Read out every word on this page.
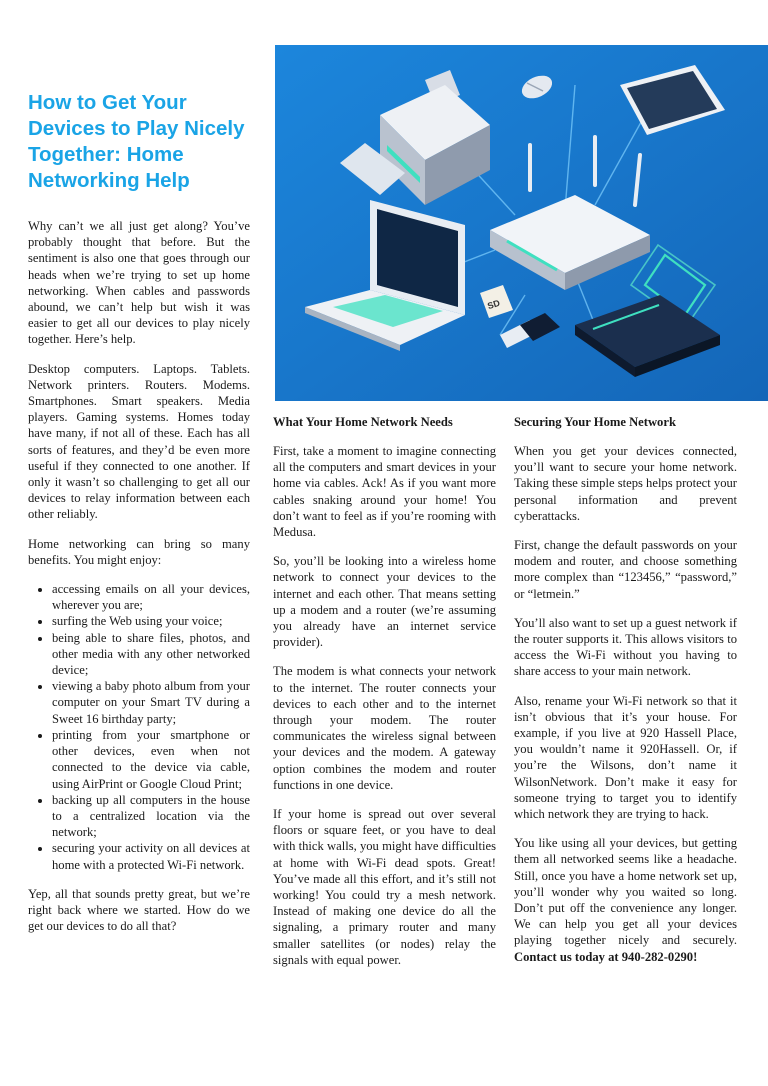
How to Get Your Devices to Play Nicely Together: Home Networking Help

Why can’t we all just get along? You’ve probably thought that before. But the sentiment is also one that goes through our heads when we’re trying to set up home networking. When cables and passwords abound, we can’t help but wish it was easier to get all our devices to play nicely together. Here’s help.

Desktop computers. Laptops. Tablets. Network printers. Routers. Modems. Smartphones. Smart speakers. Media players. Gaming systems. Homes today have many, if not all of these. Each has all sorts of features, and they’d be even more useful if they connected to one another. If only it wasn’t so challenging to get all our devices to relay information between each other reliably.

Home networking can bring so many benefits. You might enjoy:

• accessing emails on all your devices, wherever you are;
• surfing the Web using your voice;
• being able to share files, photos, and other media with any other networked device;
• viewing a baby photo album from your computer on your Smart TV during a Sweet 16 birthday party;
• printing from your smartphone or other devices, even when not connected to the device via cable, using AirPrint or Google Cloud Print;
• backing up all computers in the house to a centralized location via the network;
• securing your activity on all devices at home with a protected Wi-Fi network.

Yep, all that sounds pretty great, but we’re right back where we started. How do we get our devices to do all that?

SD
What Your Home Network Needs

First, take a moment to imagine connecting all the computers and smart devices in your home via cables. Ack! As if you want more cables snaking around your home! You don’t want to feel as if you’re rooming with Medusa.

So, you’ll be looking into a wireless home network to connect your devices to the internet and each other. That means setting up a modem and a router (we’re assuming you already have an internet service provider).

The modem is what connects your network to the internet. The router connects your devices to each other and to the internet through your modem. The router communicates the wireless signal between your devices and the modem. A gateway option combines the modem and router functions in one device.

If your home is spread out over several floors or square feet, or you have to deal with thick walls, you might have difficulties at home with Wi-Fi dead spots. Great! You’ve made all this effort, and it’s still not working! You could try a mesh network. Instead of making one device do all the signaling, a primary router and many smaller satellites (or nodes) relay the signals with equal power.

Securing Your Home Network

When you get your devices connected, you’ll want to secure your home network. Taking these simple steps helps protect your personal information and prevent cyberattacks.

First, change the default passwords on your modem and router, and choose something more complex than “123456,” “password,” or “letmein.”

You’ll also want to set up a guest network if the router supports it. This allows visitors to access the Wi-Fi without you having to share access to your main network.

Also, rename your Wi-Fi network so that it isn’t obvious that it’s your house. For example, if you live at 920 Hassell Place, you wouldn’t name it 920Hassell. Or, if you’re the Wilsons, don’t name it WilsonNetwork. Don’t make it easy for someone trying to target you to identify which network they are trying to hack.

You like using all your devices, but getting them all networked seems like a headache. Still, once you have a home network set up, you’ll wonder why you waited so long. Don’t put off the convenience any longer. We can help you get all your devices playing together nicely and securely. Contact us today at 940-282-0290!
